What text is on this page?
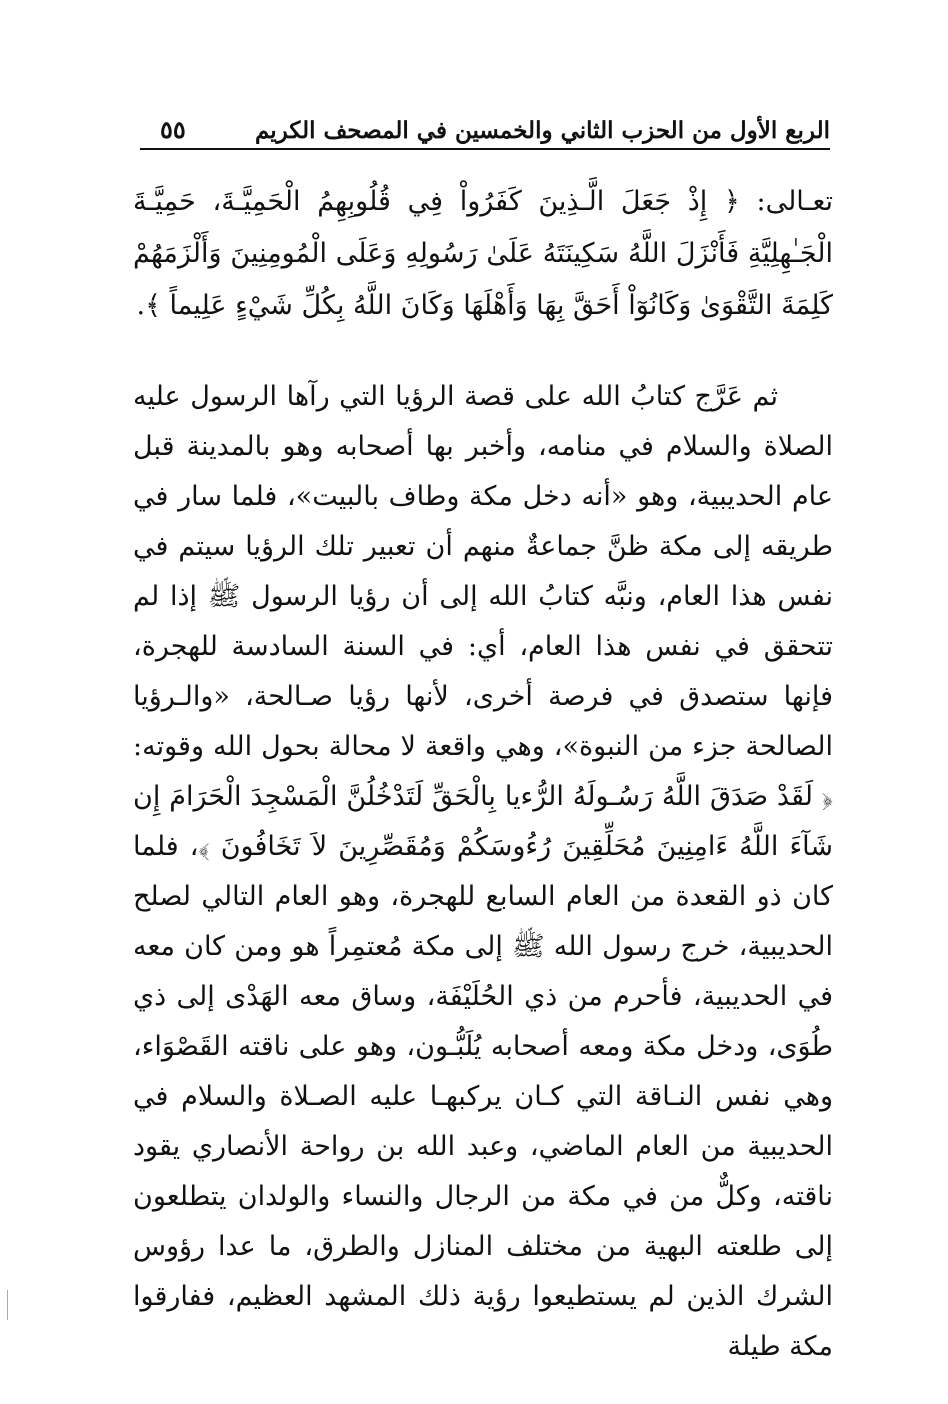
الربع الأول من الحزب الثاني والخمسين في المصحف الكريم
٥٥

تعـالى: ﴿ إِذْ جَعَلَ الَّـذِينَ كَفَرُواْ فِي قُلُوبِهِمُ الْحَمِيَّـةَ، حَمِيَّـةَ الْجَـٰهِلِيَّةِ فَأَنْزَلَ اللَّهُ سَكِينَتَهُ عَلَىٰ رَسُولِهِ وَعَلَى الْمُومِنِينَ وَأَلْزَمَهُمْ كَلِمَةَ التَّقْوَىٰ وَكَانُوٓاْ أَحَقَّ بِهَا وَأَهْلَهَا وَكَانَ اللَّهُ بِكُلِّ شَيْءٍ عَلِيماً ﴾.

ثم عَرَّج كتابُ الله على قصة الرؤيا التي رآها الرسول عليه الصلاة والسلام في منامه، وأخبر بها أصحابه وهو بالمدينة قبل عام الحديبية، وهو «أنه دخل مكة وطاف بالبيت»، فلما سار في طريقه إلى مكة ظنَّ جماعةٌ منهم أن تعبير تلك الرؤيا سيتم في نفس هذا العام، ونبَّه كتابُ الله إلى أن رؤيا الرسول ﷺ إذا لم تتحقق في نفس هذا العام، أي: في السنة السادسة للهجرة، فإنها ستصدق في فرصة أخرى، لأنها رؤيا صـالحة، «والـرؤيا الصالحة جزء من النبوة»، وهي واقعة لا محالة بحول الله وقوته: ﴿ لَقَدْ صَدَقَ اللَّهُ رَسُـولَهُ الرُّءيا بِالْحَقِّ لَتَدْخُلُنَّ الْمَسْجِدَ الْحَرَامَ إِن شَآءَ اللَّهُ ءَامِنِينَ مُحَلِّقِينَ رُءُوسَكُمْ وَمُقَصِّرِينَ لاَ تَخَافُونَ ﴾، فلما كان ذو القعدة من العام السابع للهجرة، وهو العام التالي لصلح الحديبية، خرج رسول الله ﷺ إلى مكة مُعتمِراً هو ومن كان معه في الحديبية، فأحرم من ذي الحُلَيْفَة، وساق معه الهَدْى إلى ذي طُوَى، ودخل مكة ومعه أصحابه يُلَبُّـون، وهو على ناقته القَصْوَاء، وهي نفس النـاقة التي كـان يركبهـا عليه الصـلاة والسلام في الحديبية من العام الماضي، وعبد الله بن رواحة الأنصاري يقود ناقته، وكلٌّ من في مكة من الرجال والنساء والولدان يتطلعون إلى طلعته البهية من مختلف المنازل والطرق، ما عدا رؤوس الشرك الذين لم يستطيعوا رؤية ذلك المشهد العظيم، ففارقوا مكة طيلة
